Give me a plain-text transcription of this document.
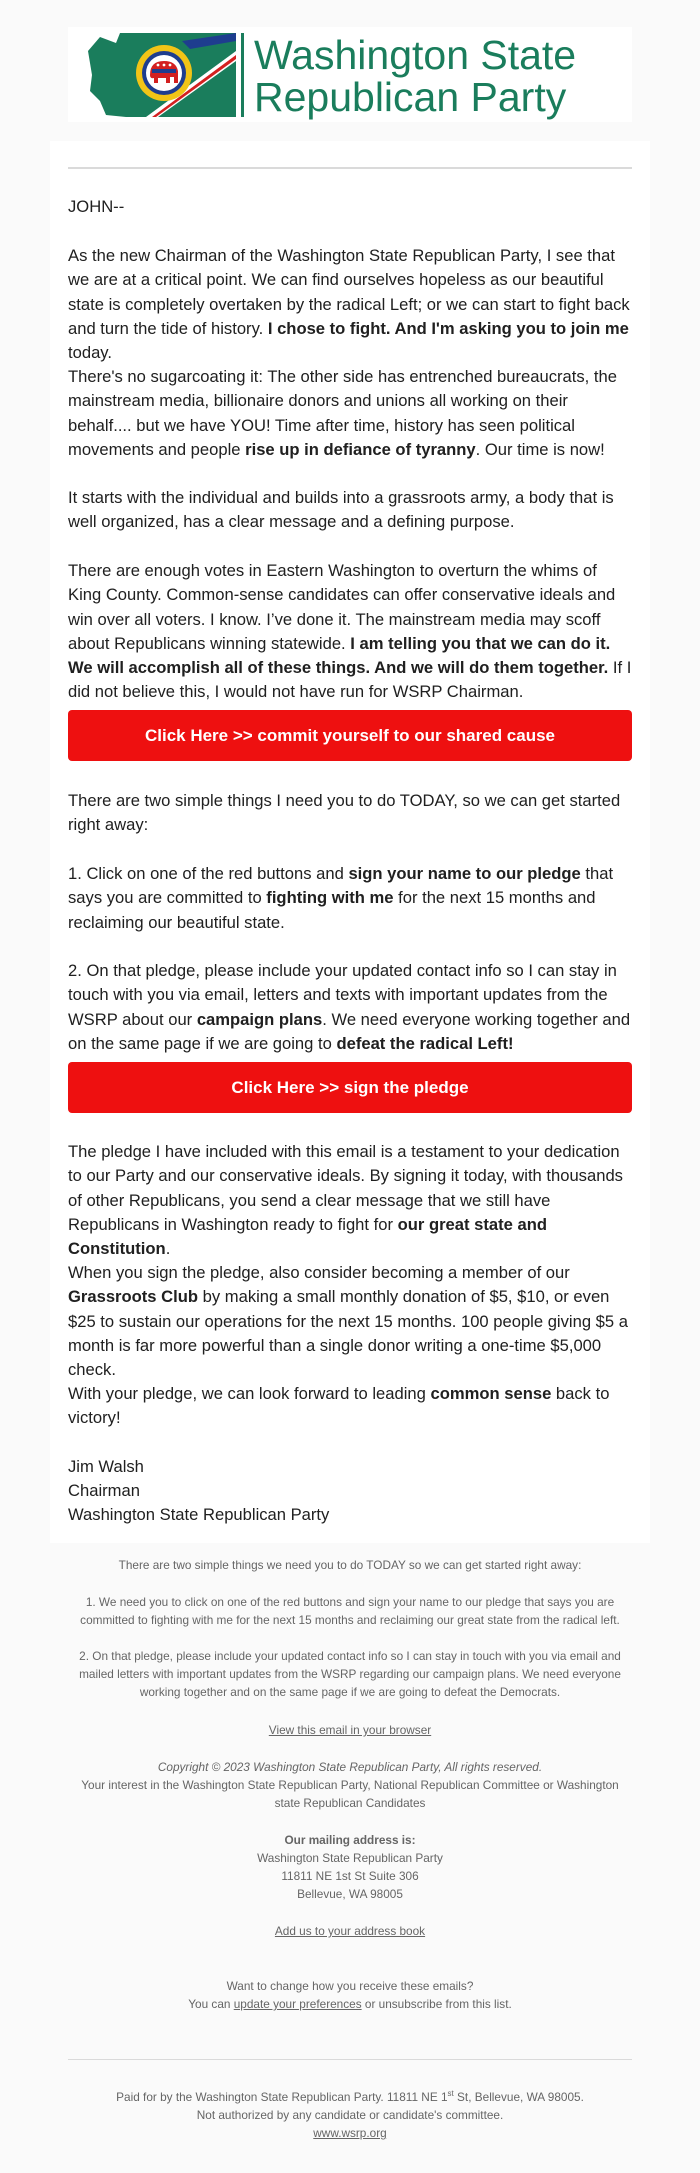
Washington State
Republican Party
JOHN--

As the new Chairman of the Washington State Republican Party, I see that we are at a critical point. We can find ourselves hopeless as our beautiful state is completely overtaken by the radical Left; or we can start to fight back and turn the tide of history. I chose to fight. And I'm asking you to join me today.

There's no sugarcoating it: The other side has entrenched bureaucrats, the mainstream media, billionaire donors and unions all working on their behalf.... but we have YOU! Time after time, history has seen political movements and people rise up in defiance of tyranny. Our time is now!

It starts with the individual and builds into a grassroots army, a body that is well organized, has a clear message and a defining purpose.

There are enough votes in Eastern Washington to overturn the whims of King County. Common-sense candidates can offer conservative ideals and win over all voters. I know. I’ve done it. The mainstream media may scoff about Republicans winning statewide. I am telling you that we can do it. We will accomplish all of these things. And we will do them together. If I did not believe this, I would not have run for WSRP Chairman.

Click Here >> commit yourself to our shared cause

There are two simple things I need you to do TODAY, so we can get started right away:

1. Click on one of the red buttons and sign your name to our pledge that says you are committed to fighting with me for the next 15 months and reclaiming our beautiful state.

2. On that pledge, please include your updated contact info so I can stay in touch with you via email, letters and texts with important updates from the WSRP about our campaign plans. We need everyone working together and on the same page if we are going to defeat the radical Left!

Click Here >> sign the pledge

The pledge I have included with this email is a testament to your dedication to our Party and our conservative ideals. By signing it today, with thousands of other Republicans, you send a clear message that we still have Republicans in Washington ready to fight for our great state and Constitution.

When you sign the pledge, also consider becoming a member of our Grassroots Club by making a small monthly donation of $5, $10, or even $25 to sustain our operations for the next 15 months. 100 people giving $5 a month is far more powerful than a single donor writing a one-time $5,000 check.

With your pledge, we can look forward to leading common sense back to victory!

Jim Walsh
Chairman
Washington State Republican Party
There are two simple things we need you to do TODAY so we can get started right away:
1. We need you to click on one of the red buttons and sign your name to our pledge that says you are committed to fighting with me for the next 15 months and reclaiming our great state from the radical left.
2. On that pledge, please include your updated contact info so I can stay in touch with you via email and mailed letters with important updates from the WSRP regarding our campaign plans. We need everyone working together and on the same page if we are going to defeat the Democrats.
View this email in your browser
Copyright © 2023 Washington State Republican Party, All rights reserved.
Your interest in the Washington State Republican Party, National Republican Committee or Washington state Republican Candidates
Our mailing address is:
Washington State Republican Party
11811 NE 1st St Suite 306
Bellevue, WA 98005
Add us to your address book
Want to change how you receive these emails?
You can update your preferences or unsubscribe from this list.
Paid for by the Washington State Republican Party. 11811 NE 1st St, Bellevue, WA 98005.
Not authorized by any candidate or candidate's committee.
www.wsrp.org
